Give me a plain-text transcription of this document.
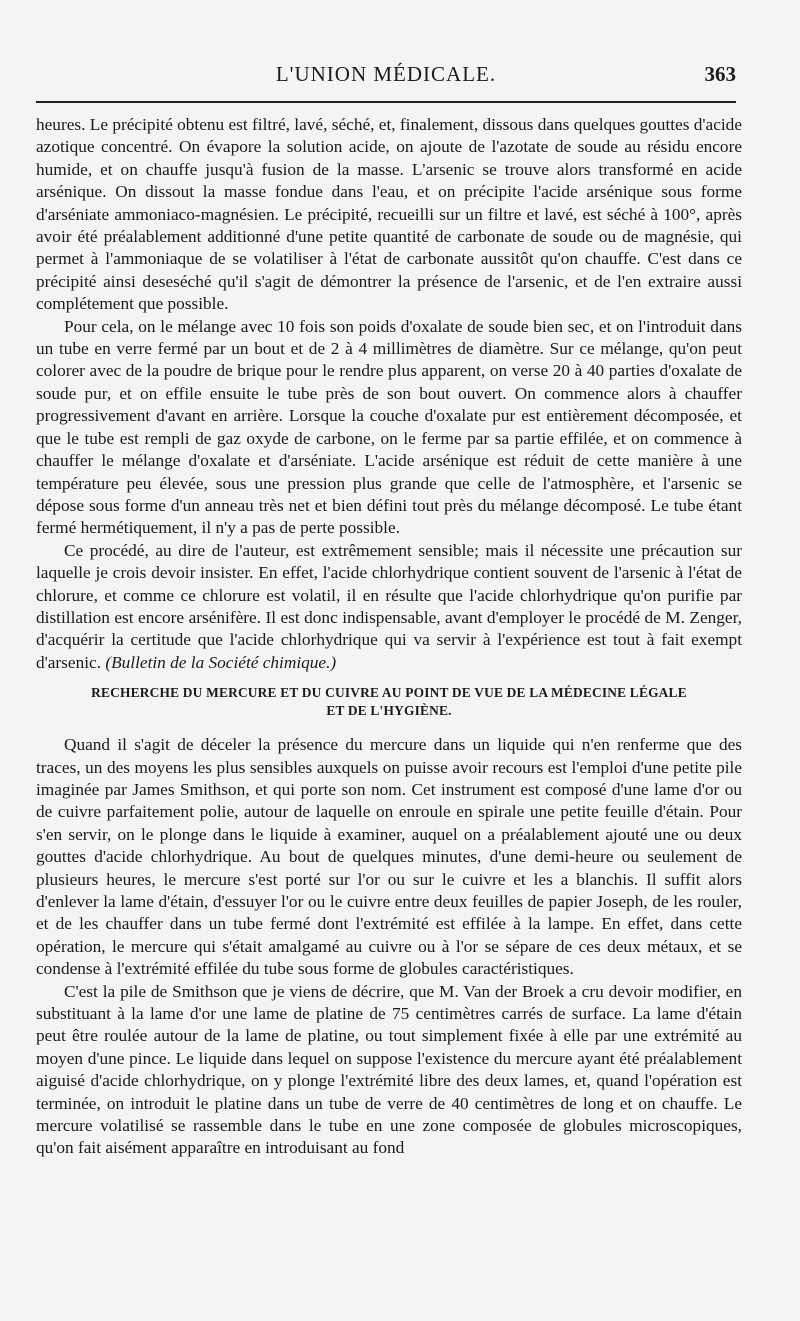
L'UNION MÉDICALE.	363

heures. Le précipité obtenu est filtré, lavé, séché, et, finalement, dissous dans quelques gouttes d'acide azotique concentré. On évapore la solution acide, on ajoute de l'azotate de soude au résidu encore humide, et on chauffe jusqu'à fusion de la masse. L'arsenic se trouve alors transformé en acide arsénique. On dissout la masse fondue dans l'eau, et on précipite l'acide arsénique sous forme d'arséniate ammoniaco-magnésien. Le précipité, recueilli sur un filtre et lavé, est séché à 100°, après avoir été préalablement additionné d'une petite quantité de carbonate de soude ou de magnésie, qui permet à l'ammoniaque de se volatiliser à l'état de carbonate aussitôt qu'on chauffe. C'est dans ce précipité ainsi deseséché qu'il s'agit de démontrer la présence de l'arsenic, et de l'en extraire aussi complétement que possible.

Pour cela, on le mélange avec 10 fois son poids d'oxalate de soude bien sec, et on l'introduit dans un tube en verre fermé par un bout et de 2 à 4 millimètres de diamètre. Sur ce mélange, qu'on peut colorer avec de la poudre de brique pour le rendre plus apparent, on verse 20 à 40 parties d'oxalate de soude pur, et on effile ensuite le tube près de son bout ouvert. On commence alors à chauffer progressivement d'avant en arrière. Lorsque la couche d'oxalate pur est entièrement décomposée, et que le tube est rempli de gaz oxyde de carbone, on le ferme par sa partie effilée, et on commence à chauffer le mélange d'oxalate et d'arséniate. L'acide arsénique est réduit de cette manière à une température peu élevée, sous une pression plus grande que celle de l'atmosphère, et l'arsenic se dépose sous forme d'un anneau très net et bien défini tout près du mélange décomposé. Le tube étant fermé hermétiquement, il n'y a pas de perte possible.

Ce procédé, au dire de l'auteur, est extrêmement sensible; mais il nécessite une précaution sur laquelle je crois devoir insister. En effet, l'acide chlorhydrique contient souvent de l'arsenic à l'état de chlorure, et comme ce chlorure est volatil, il en résulte que l'acide chlorhydrique qu'on purifie par distillation est encore arsénifère. Il est donc indispensable, avant d'employer le procédé de M. Zenger, d'acquérir la certitude que l'acide chlorhydrique qui va servir à l'expérience est tout à fait exempt d'arsenic. (Bulletin de la Société chimique.)

RECHERCHE DU MERCURE ET DU CUIVRE AU POINT DE VUE DE LA MÉDECINE LÉGALE
ET DE L'HYGIÈNE.

Quand il s'agit de déceler la présence du mercure dans un liquide qui n'en renferme que des traces, un des moyens les plus sensibles auxquels on puisse avoir recours est l'emploi d'une petite pile imaginée par James Smithson, et qui porte son nom. Cet instrument est composé d'une lame d'or ou de cuivre parfaitement polie, autour de laquelle on enroule en spirale une petite feuille d'étain. Pour s'en servir, on le plonge dans le liquide à examiner, auquel on a préalablement ajouté une ou deux gouttes d'acide chlorhydrique. Au bout de quelques minutes, d'une demi-heure ou seulement de plusieurs heures, le mercure s'est porté sur l'or ou sur le cuivre et les a blanchis. Il suffit alors d'enlever la lame d'étain, d'essuyer l'or ou le cuivre entre deux feuilles de papier Joseph, de les rouler, et de les chauffer dans un tube fermé dont l'extrémité est effilée à la lampe. En effet, dans cette opération, le mercure qui s'était amalgamé au cuivre ou à l'or se sépare de ces deux métaux, et se condense à l'extrémité effilée du tube sous forme de globules caractéristiques.

C'est la pile de Smithson que je viens de décrire, que M. Van der Broek a cru devoir modifier, en substituant à la lame d'or une lame de platine de 75 centimètres carrés de surface. La lame d'étain peut être roulée autour de la lame de platine, ou tout simplement fixée à elle par une extrémité au moyen d'une pince. Le liquide dans lequel on suppose l'existence du mercure ayant été préalablement aiguisé d'acide chlorhydrique, on y plonge l'extrémité libre des deux lames, et, quand l'opération est terminée, on introduit le platine dans un tube de verre de 40 centimètres de long et on chauffe. Le mercure volatilisé se rassemble dans le tube en une zone composée de globules microscopiques, qu'on fait aisément apparaître en introduisant au fond
